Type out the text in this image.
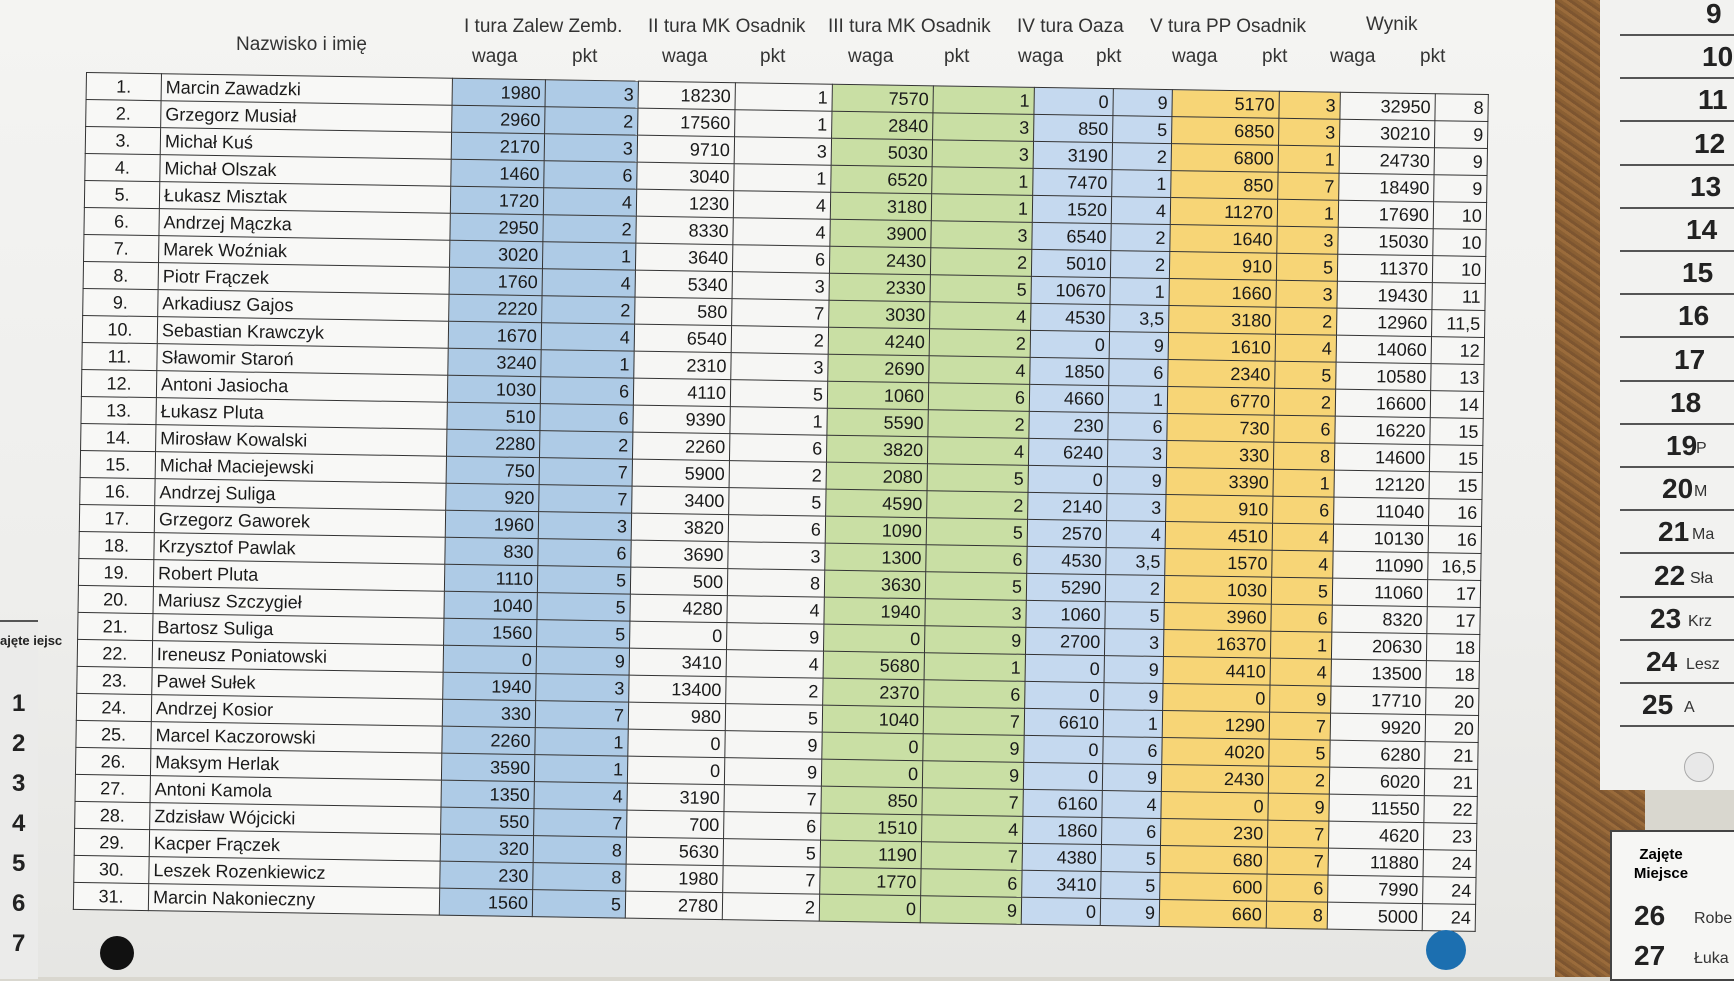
9
10
11
12
13
14
15
16
17
18
19
P
20 M
21 Ma
22 Sła
23 Krz
24 Lesz
25 A
Zajęte Miejsce
26 Robe
27 Łuka
ajęte iejsc
1
2
3
4
5
6
7
Nazwisko i imię
I tura Zalew Zemb. II tura MK Osadnik III tura MK Osadnik IV tura Oaza V tura PP Osadnik	Wynik
waga	pkt	waga	pkt	waga	pkt	waga pkt	waga pkt waga pkt
1.	Marcin Zawadzki	1980	3	18230	1	7570	1	0	9	5170	3	32950	8
2.	Grzegorz Musiał	2960	2	17560	1	2840	3	850	5	6850	3	30210	9
3.	Michał Kuś	2170	3	9710	3	5030	3	3190	2	6800	1	24730	9
4.	Michał Olszak	1460	6	3040	1	6520	1	7470	1	850	7	18490	9
5.	Łukasz Misztak	1720	4	1230	4	3180	1	1520	4	11270	1	17690	10
6.	Andrzej Mączka	2950	2	8330	4	3900	3	6540	2	1640	3	15030	10
7.	Marek Woźniak	3020	1	3640	6	2430	2	5010	2	910	5	11370	10
8.	Piotr Frączek	1760	4	5340	3	2330	5	10670	1	1660	3	19430	11
9.	Arkadiusz Gajos	2220	2	580	7	3030	4	4530	3,5	3180	2	12960	11,5
10.	Sebastian Krawczyk	1670	4	6540	2	4240	2	0	9	1610	4	14060	12
11.	Sławomir Staroń	3240	1	2310	3	2690	4	1850	6	2340	5	10580	13
12.	Antoni Jasiocha	1030	6	4110	5	1060	6	4660	1	6770	2	16600	14
13.	Łukasz Pluta	510	6	9390	1	5590	2	230	6	730	6	16220	15
14.	Mirosław Kowalski	2280	2	2260	6	3820	4	6240	3	330	8	14600	15
15.	Michał Maciejewski	750	7	5900	2	2080	5	0	9	3390	1	12120	15
16.	Andrzej Suliga	920	7	3400	5	4590	2	2140	3	910	6	11040	16
17.	Grzegorz Gaworek	1960	3	3820	6	1090	5	2570	4	4510	4	10130	16
18.	Krzysztof Pawlak	830	6	3690	3	1300	6	4530	3,5	1570	4	11090	16,5
19.	Robert Pluta	1110	5	500	8	3630	5	5290	2	1030	5	11060	17
20.	Mariusz Szczygieł	1040	5	4280	4	1940	3	1060	5	3960	6	8320	17
21.	Bartosz Suliga	1560	5	0	9	0	9	2700	3	16370	1	20630	18
22.	Ireneusz Poniatowski	0	9	3410	4	5680	1	0	9	4410	4	13500	18
23.	Paweł Sułek	1940	3	13400	2	2370	6	0	9	0	9	17710	20
24.	Andrzej Kosior	330	7	980	5	1040	7	6610	1	1290	7	9920	20
25.	Marcel Kaczorowski	2260	1	0	9	0	9	0	6	4020	5	6280	21
26.	Maksym Herlak	3590	1	0	9	0	9	0	9	2430	2	6020	21
27.	Antoni Kamola	1350	4	3190	7	850	7	6160	4	0	9	11550	22
28.	Zdzisław Wójcicki	550	7	700	6	1510	4	1860	6	230	7	4620	23
29.	Kacper Frączek	320	8	5630	5	1190	7	4380	5	680	7	11880	24
30.	Leszek Rozenkiewicz	230	8	1980	7	1770	6	3410	5	600	6	7990	24
31.	Marcin Nakonieczny	1560	5	2780	2	0	9	0	9	660	8	5000	24
